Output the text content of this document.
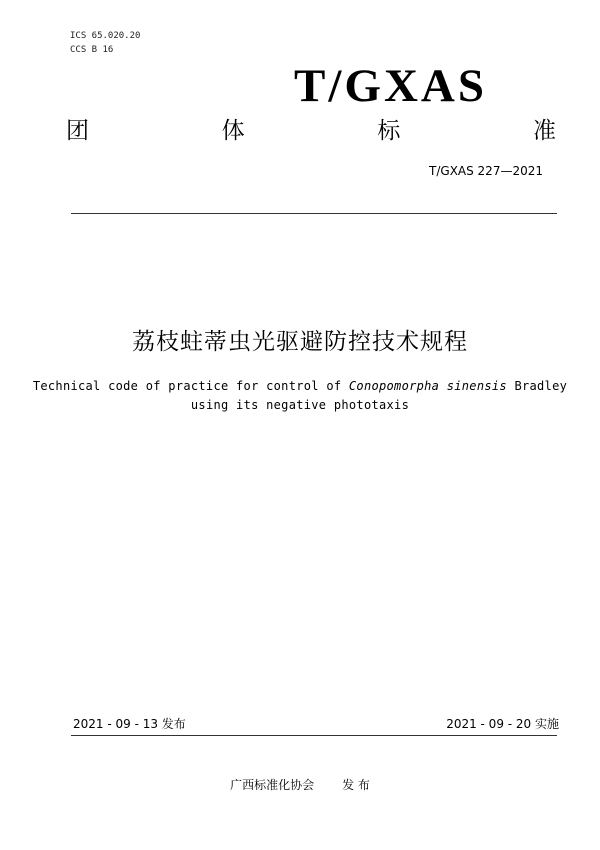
ICS 65.020.20
CCS B 16
T/GXAS
团	体	标	准
T/GXAS 227—2021
荔枝蛀蒂虫光驱避防控技术规程
Technical code of practice for control of Conopomorpha sinensis Bradley
using its negative phototaxis
2021 - 09 - 13 发布	2021 - 09 - 20 实施
广西标准化协会 发 布
